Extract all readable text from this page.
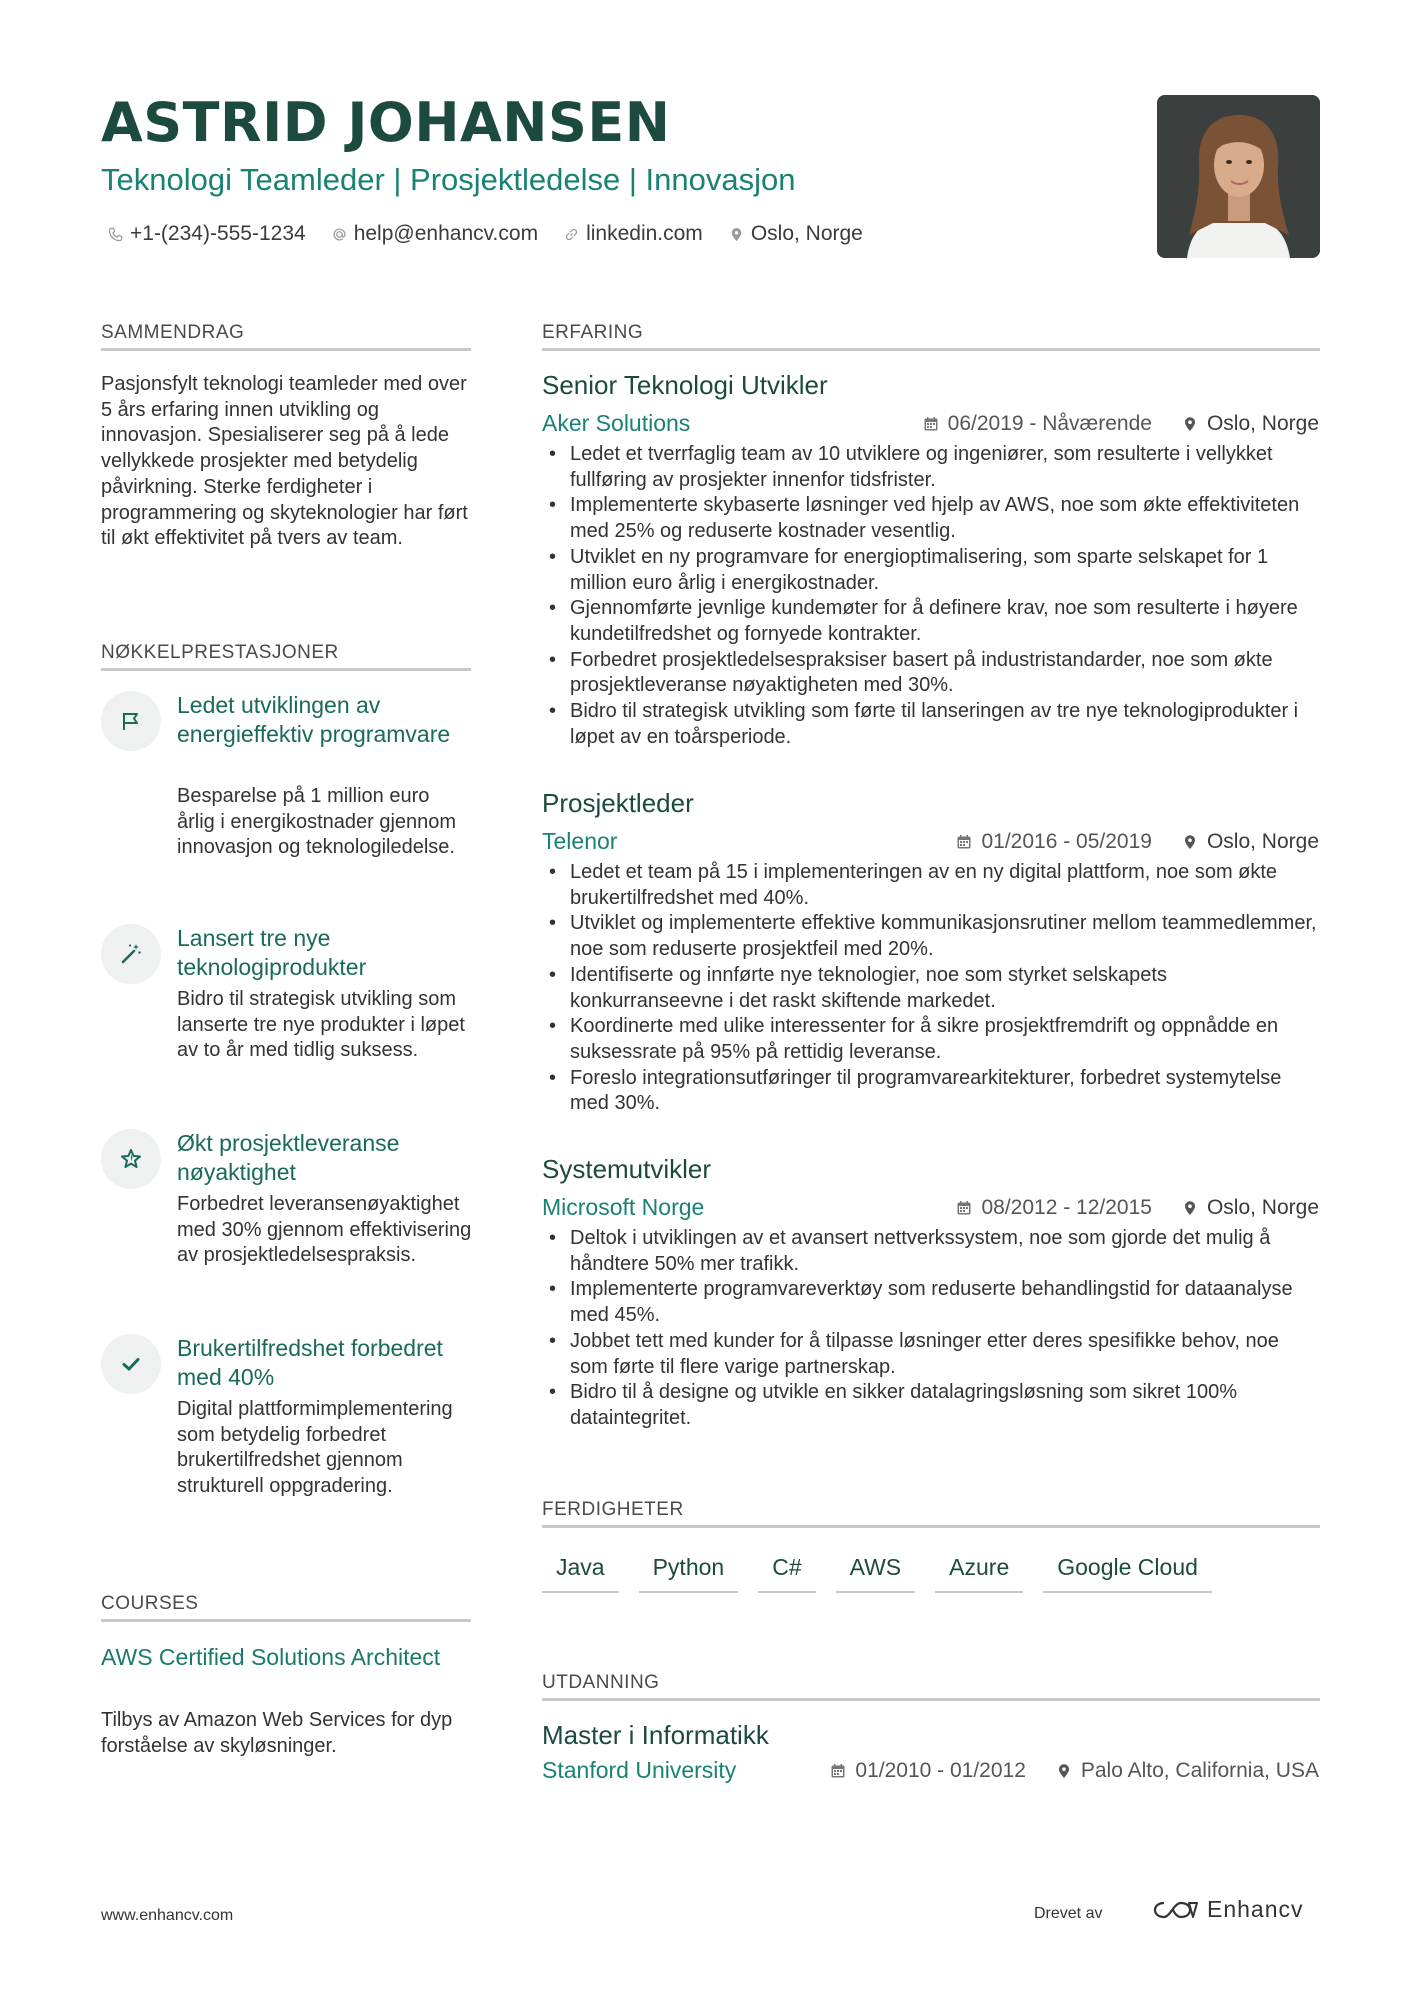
ASTRID JOHANSEN
Teknologi Teamleder | Prosjektledelse | Innovasjon
+1-(234)-555-1234 help@enhancv.com linkedin.com Oslo, Norge
SAMMENDRAG
Pasjonsfylt teknologi teamleder med over 5 års erfaring innen utvikling og innovasjon. Spesialiserer seg på å lede vellykkede prosjekter med betydelig påvirkning. Sterke ferdigheter i programmering og skyteknologier har ført til økt effektivitet på tvers av team.
NØKKELPRESTASJONER
Ledet utviklingen av energieffektiv programvare
Besparelse på 1 million euro årlig i energikostnader gjennom innovasjon og teknologiledelse.
Lansert tre nye teknologiprodukter
Bidro til strategisk utvikling som lanserte tre nye produkter i løpet av to år med tidlig suksess.
Økt prosjektleveranse nøyaktighet
Forbedret leveransenøyaktighet med 30% gjennom effektivisering av prosjektledelsespraksis.
Brukertilfredshet forbedret med 40%
Digital plattformimplementering som betydelig forbedret brukertilfredshet gjennom strukturell oppgradering.
COURSES
AWS Certified Solutions Architect
Tilbys av Amazon Web Services for dyp forståelse av skyløsninger.
ERFARING
Senior Teknologi Utvikler
Aker Solutions	06/2019 - Nåværende	Oslo, Norge
• Ledet et tverrfaglig team av 10 utviklere og ingeniører, som resulterte i vellykket fullføring av prosjekter innenfor tidsfrister.
• Implementerte skybaserte løsninger ved hjelp av AWS, noe som økte effektiviteten med 25% og reduserte kostnader vesentlig.
• Utviklet en ny programvare for energioptimalisering, som sparte selskapet for 1 million euro årlig i energikostnader.
• Gjennomførte jevnlige kundemøter for å definere krav, noe som resulterte i høyere kundetilfredshet og fornyede kontrakter.
• Forbedret prosjektledelsespraksiser basert på industristandarder, noe som økte prosjektleveranse nøyaktigheten med 30%.
• Bidro til strategisk utvikling som førte til lanseringen av tre nye teknologiprodukter i løpet av en toårsperiode.
Prosjektleder
Telenor	01/2016 - 05/2019	Oslo, Norge
• Ledet et team på 15 i implementeringen av en ny digital plattform, noe som økte brukertilfredshet med 40%.
• Utviklet og implementerte effektive kommunikasjonsrutiner mellom teammedlemmer, noe som reduserte prosjektfeil med 20%.
• Identifiserte og innførte nye teknologier, noe som styrket selskapets konkurranseevne i det raskt skiftende markedet.
• Koordinerte med ulike interessenter for å sikre prosjektfremdrift og oppnådde en suksessrate på 95% på rettidig leveranse.
• Foreslo integrationsutføringer til programvarearkitekturer, forbedret systemytelse med 30%.
Systemutvikler
Microsoft Norge	08/2012 - 12/2015	Oslo, Norge
• Deltok i utviklingen av et avansert nettverkssystem, noe som gjorde det mulig å håndtere 50% mer trafikk.
• Implementerte programvareverktøy som reduserte behandlingstid for dataanalyse med 45%.
• Jobbet tett med kunder for å tilpasse løsninger etter deres spesifikke behov, noe som førte til flere varige partnerskap.
• Bidro til å designe og utvikle en sikker datalagringsløsning som sikret 100% dataintegritet.
FERDIGHETER
Java	Python	C#	AWS	Azure	Google Cloud
UTDANNING
Master i Informatikk
Stanford University	01/2010 - 01/2012	Palo Alto, California, USA
www.enhancv.com	Drevet av	Enhancv
